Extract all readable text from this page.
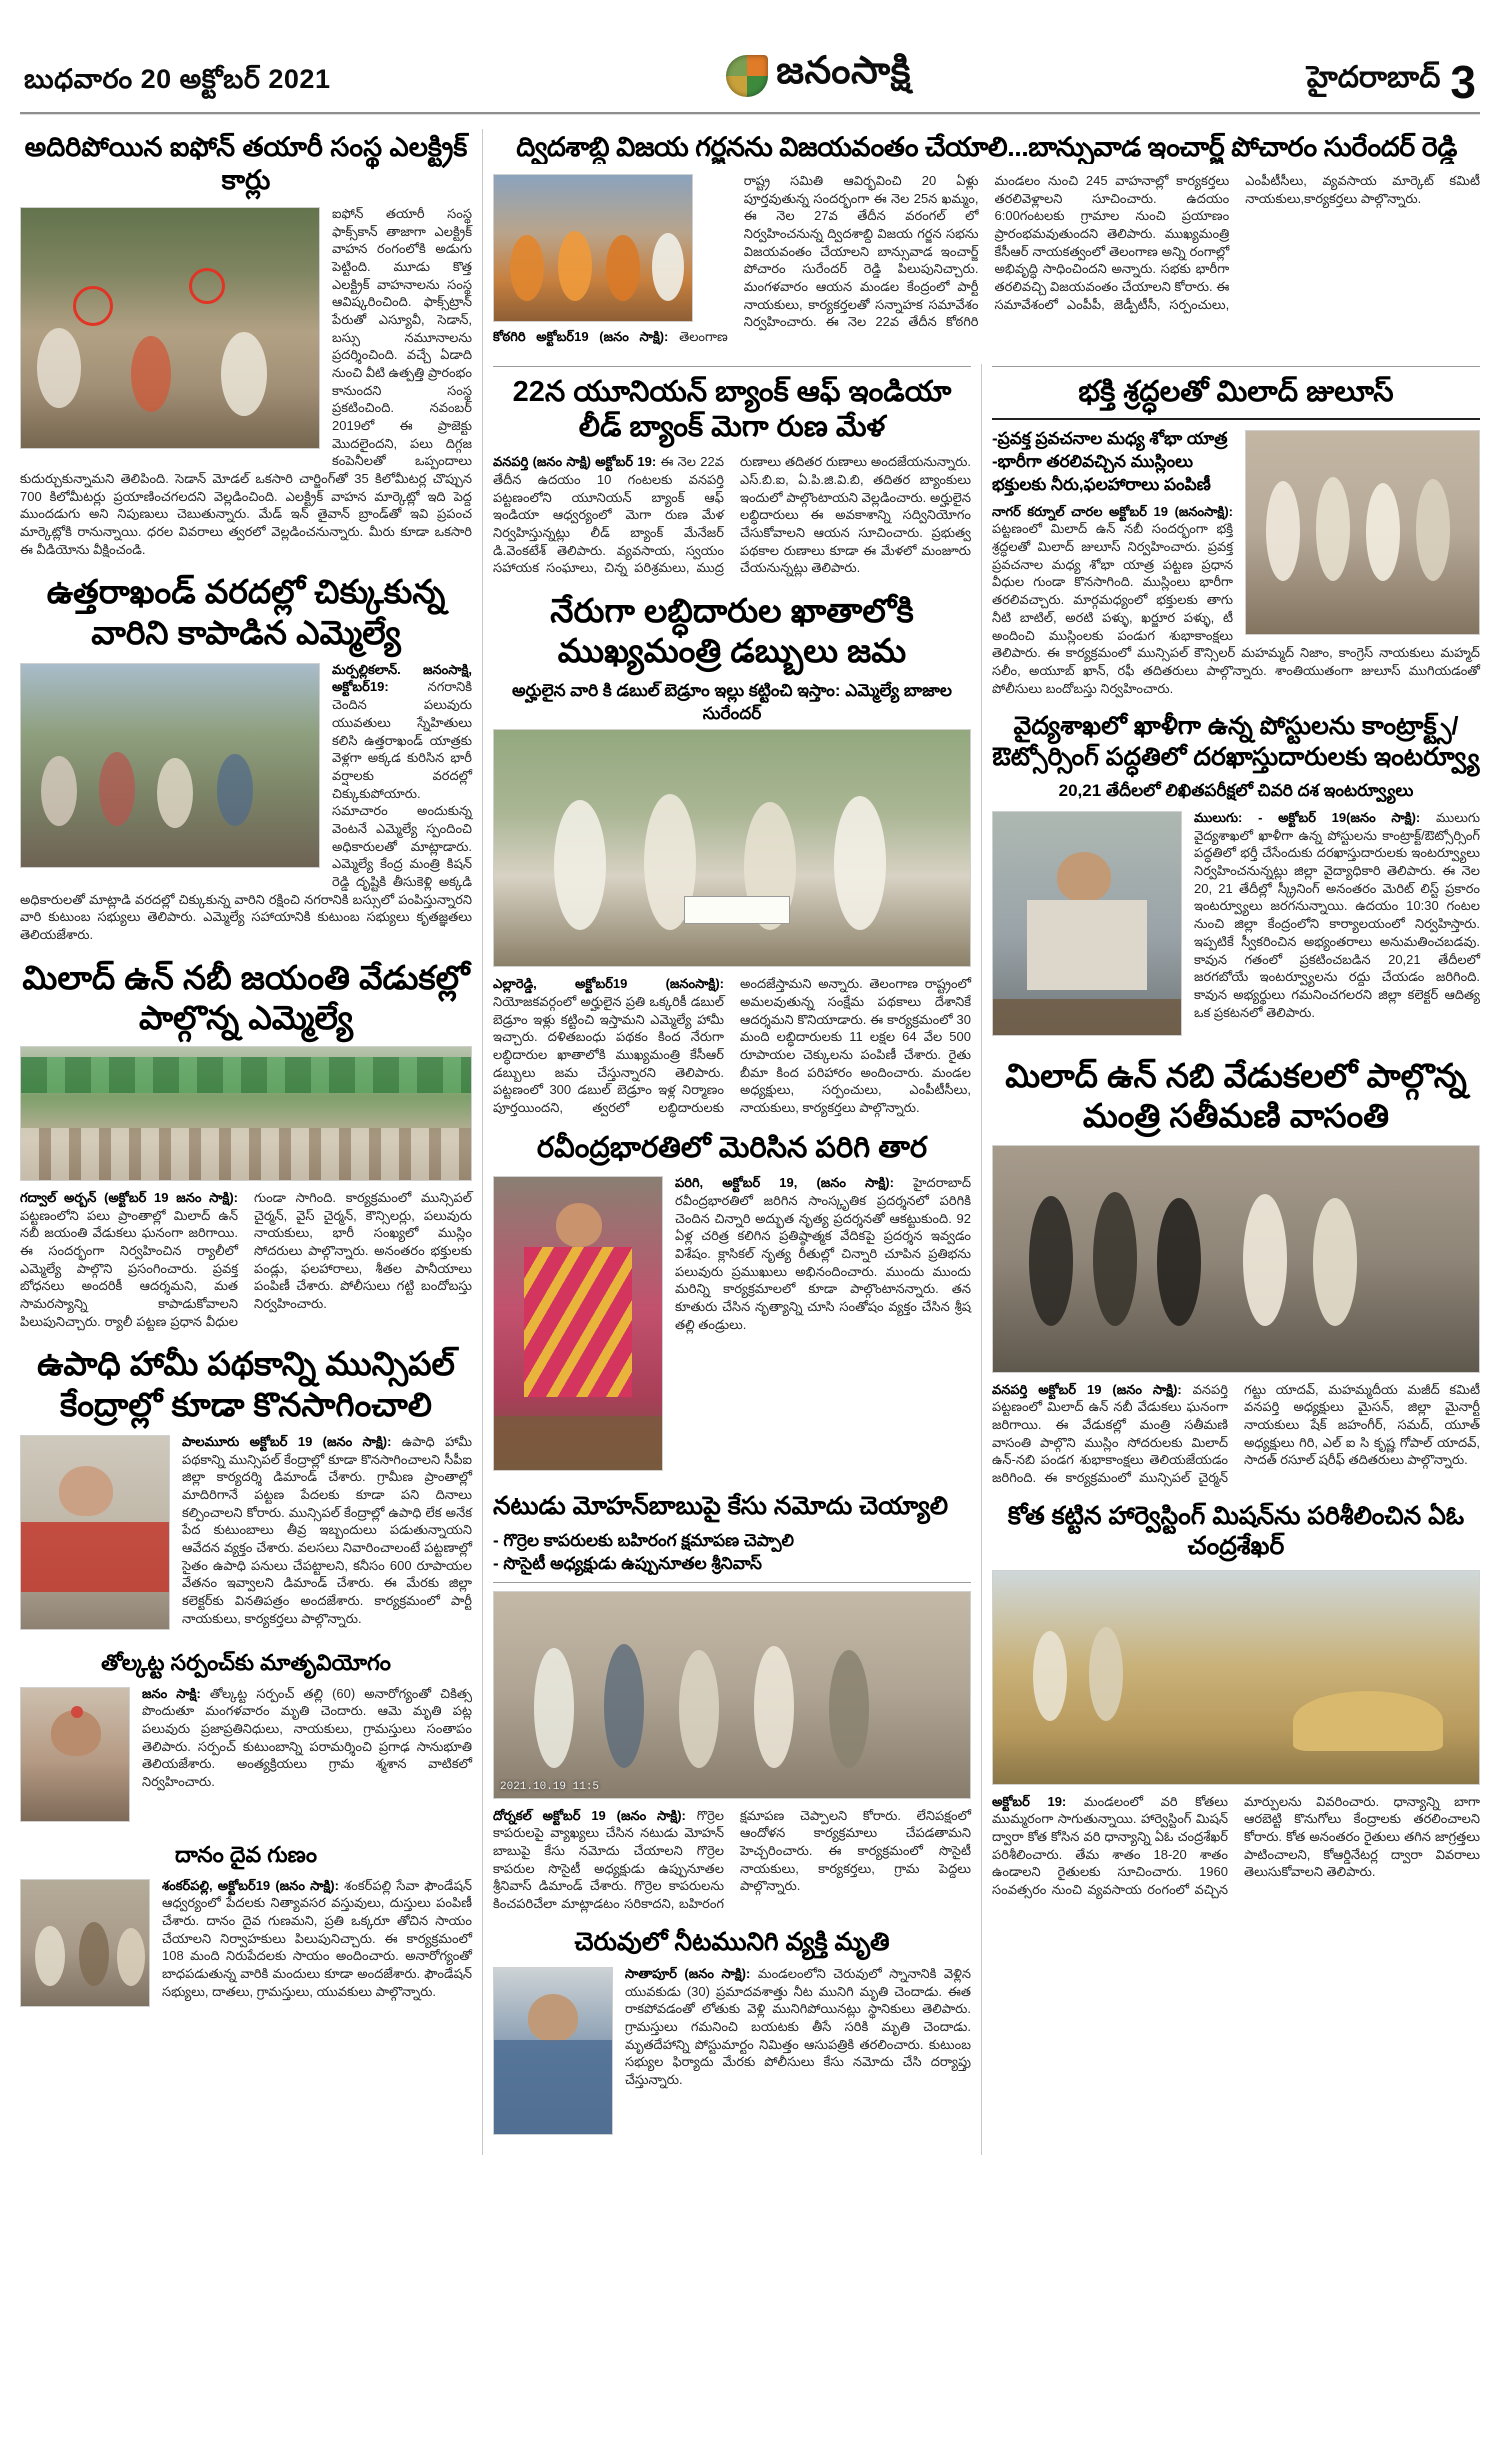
బుధవారం 20 అక్టోబర్ 2021	జనంసాక్షి	హైదరాబాద్ 3
అదిరిపోయిన ఐఫోన్ తయారీ సంస్థ ఎలక్ట్రిక్ కార్లు
ఐఫోన్ తయారీ సంస్థ ఫాక్స్‌కాన్ తాజాగా ఎలక్ట్రిక్ వాహన రంగంలోకి అడుగు పెట్టింది. మూడు కొత్త ఎలక్ట్రిక్ వాహనాలను సంస్థ ఆవిష్కరించింది. ఫాక్స్‌ట్రాన్ పేరుతో ఎస్యూవీ, సెడాన్, బస్సు నమూనాలను ప్రదర్శించింది. వచ్చే ఏడాది నుంచి వీటి ఉత్పత్తి ప్రారంభం కానుందని సంస్థ ప్రకటించింది. నవంబర్ 2019లో ఈ ప్రాజెక్టు మొదలైందని, పలు దిగ్గజ కంపెనీలతో ఒప్పందాలు కుదుర్చుకున్నామని తెలిపింది. సెడాన్ మోడల్ ఒకసారి చార్జింగ్‌తో 35 కిలోమీటర్ల చొప్పున 700 కిలోమీటర్లు ప్రయాణించగలదని వెల్లడించింది. ఎలక్ట్రిక్ వాహన మార్కెట్లో ఇది పెద్ద ముందడుగు అని నిపుణులు చెబుతున్నారు. మేడ్ ఇన్ తైవాన్ బ్రాండ్‌తో ఇవి ప్రపంచ మార్కెట్లోకి రానున్నాయి. ధరల వివరాలు త్వరలో వెల్లడించనున్నారు. మీరు కూడా ఒకసారి ఈ వీడియోను వీక్షించండి.
ఉత్తరాఖండ్ వరదల్లో చిక్కుకున్న వారిని కాపాడిన ఎమ్మెల్యే
మర్పల్లికలాన్. జనంసాక్షి, అక్టోబర్19:	నగరానికి చెందిన పలువురు యువతులు స్నేహితులు కలిసి ఉత్తరాఖండ్ యాత్రకు వెళ్లగా అక్కడ కురిసిన భారీ వర్షాలకు వరదల్లో చిక్కుకుపోయారు. సమాచారం అందుకున్న వెంటనే ఎమ్మెల్యే స్పందించి అధికారులతో మాట్లాడారు. ఎమ్మెల్యే కేంద్ర మంత్రి కిషన్ రెడ్డి దృష్టికి తీసుకెళ్లి అక్కడి అధికారులతో మాట్లాడి వరదల్లో చిక్కుకున్న వారిని రక్షించి నగరానికి బస్సులో పంపిస్తున్నారని వారి కుటుంబ సభ్యులు తెలిపారు. ఎమ్మెల్యే సహాయానికి కుటుంబ సభ్యులు కృతజ్ఞతలు తెలియజేశారు.
మిలాద్ ఉన్ నబీ జయంతి వేడుకల్లో పాల్గొన్న ఎమ్మెల్యే
గద్వాల్ అర్బన్ (అక్టోబర్ 19 జనం సాక్షి): పట్టణంలోని పలు ప్రాంతాల్లో మిలాద్ ఉన్ నబీ జయంతి వేడుకలు ఘనంగా జరిగాయి. ఈ సందర్భంగా నిర్వహించిన ర్యాలీలో ఎమ్మెల్యే పాల్గొని ప్రసంగించారు. ప్రవక్త బోధనలు అందరికీ ఆదర్శమని, మత సామరస్యాన్ని కాపాడుకోవాలని పిలుపునిచ్చారు. ర్యాలీ పట్టణ ప్రధాన వీధుల గుండా సాగింది. కార్యక్రమంలో మున్సిపల్ చైర్మన్, వైస్ చైర్మన్, కౌన్సిలర్లు, పలువురు నాయకులు, భారీ సంఖ్యలో ముస్లిం సోదరులు పాల్గొన్నారు. అనంతరం భక్తులకు పండ్లు, ఫలహారాలు, శీతల పానీయాలు పంపిణీ చేశారు. పోలీసులు గట్టి బందోబస్తు నిర్వహించారు.
ఉపాధి హామీ పథకాన్ని మున్సిపల్ కేంద్రాల్లో కూడా కొనసాగించాలి
పాలమూరు అక్టోబర్ 19 (జనం సాక్షి): ఉపాధి హామీ పథకాన్ని మున్సిపల్ కేంద్రాల్లో కూడా కొనసాగించాలని సీపీఐ జిల్లా కార్యదర్శి డిమాండ్ చేశారు. గ్రామీణ ప్రాంతాల్లో మాదిరిగానే పట్టణ పేదలకు కూడా పని దినాలు కల్పించాలని కోరారు. మున్సిపల్ కేంద్రాల్లో ఉపాధి లేక అనేక పేద కుటుంబాలు తీవ్ర ఇబ్బందులు పడుతున్నాయని ఆవేదన వ్యక్తం చేశారు. వలసలు నివారించాలంటే పట్టణాల్లో సైతం ఉపాధి పనులు చేపట్టాలని, కనీసం 600 రూపాయల వేతనం ఇవ్వాలని డిమాండ్ చేశారు. ఈ మేరకు జిల్లా కలెక్టర్‌కు వినతిపత్రం అందజేశారు. కార్యక్రమంలో పార్టీ నాయకులు, కార్యకర్తలు పాల్గొన్నారు.
తోల్కట్ట సర్పంచ్‌కు మాతృవియోగం
జనం సాక్షి: తోల్కట్ట సర్పంచ్ తల్లి (60) అనారోగ్యంతో చికిత్స పొందుతూ మంగళవారం మృతి చెందారు. ఆమె మృతి పట్ల పలువురు ప్రజాప్రతినిధులు, నాయకులు, గ్రామస్తులు సంతాపం తెలిపారు. సర్పంచ్ కుటుంబాన్ని పరామర్శించి ప్రగాఢ సానుభూతి తెలియజేశారు. అంత్యక్రియలు గ్రామ శ్మశాన వాటికలో నిర్వహించారు.
దానం దైవ గుణం
శంకర్‌పల్లి, అక్టోబర్19 (జనం సాక్షి): శంకర్‌పల్లి సేవా ఫౌండేషన్ ఆధ్వర్యంలో పేదలకు నిత్యావసర వస్తువులు, దుస్తులు పంపిణీ చేశారు. దానం దైవ గుణమని, ప్రతి ఒక్కరూ తోచిన సాయం చేయాలని నిర్వాహకులు పిలుపునిచ్చారు. ఈ కార్యక్రమంలో 108 మంది నిరుపేదలకు సాయం అందించారు. అనారోగ్యంతో బాధపడుతున్న వారికి మందులు కూడా అందజేశారు. ఫౌండేషన్ సభ్యులు, దాతలు, గ్రామస్తులు, యువకులు పాల్గొన్నారు.
ద్విదశాబ్ది విజయ గర్జనను విజయవంతం చేయాలి...బాన్సువాడ ఇంచార్జ్ పోచారం సురేందర్ రెడ్డి
కోఠగిరి అక్టోబర్19 (జనం సాక్షి): తెలంగాణ రాష్ట్ర సమితి ఆవిర్భవించి 20 ఏళ్లు పూర్తవుతున్న సందర్భంగా ఈ నెల 25న ఖమ్మం, ఈ నెల 27వ తేదీన వరంగల్ లో నిర్వహించనున్న ద్విదశాబ్ది విజయ గర్జన సభను విజయవంతం చేయాలని బాన్సువాడ ఇంచార్జ్ పోచారం సురేందర్ రెడ్డి పిలుపునిచ్చారు. మంగళవారం ఆయన మండల కేంద్రంలో పార్టీ నాయకులు, కార్యకర్తలతో సన్నాహక సమావేశం నిర్వహించారు. ఈ నెల 22వ తేదీన కోఠగిరి మండలం నుంచి 245 వాహనాల్లో కార్యకర్తలు తరలివెళ్లాలని సూచించారు. ఉదయం 6:00గంటలకు గ్రామాల నుంచి ప్రయాణం ప్రారంభమవుతుందని తెలిపారు. ముఖ్యమంత్రి కేసీఆర్ నాయకత్వంలో తెలంగాణ అన్ని రంగాల్లో అభివృద్ధి సాధించిందని అన్నారు. సభకు భారీగా తరలివచ్చి విజయవంతం చేయాలని కోరారు. ఈ సమావేశంలో ఎంపీపీ, జెడ్పీటీసీ, సర్పంచులు, ఎంపీటీసీలు, వ్యవసాయ మార్కెట్ కమిటీ నాయకులు,కార్యకర్తలు పాల్గొన్నారు.
22న యూనియన్ బ్యాంక్ ఆఫ్ ఇండియా లీడ్ బ్యాంక్ మెగా రుణ మేళ
వనపర్తి (జనం సాక్షి) అక్టోబర్ 19: ఈ నెల 22వ తేదీన ఉదయం 10 గంటలకు వనపర్తి పట్టణంలోని యూనియన్ బ్యాంక్ ఆఫ్ ఇండియా ఆధ్వర్యంలో మెగా రుణ మేళ నిర్వహిస్తున్నట్లు లీడ్ బ్యాంక్ మేనేజర్ డి.వెంకటేశ్ తెలిపారు. వ్యవసాయ, స్వయం సహాయక సంఘాలు, చిన్న పరిశ్రమలు, ముద్ర రుణాలు తదితర రుణాలు అందజేయనున్నారు. ఎస్.బి.ఐ, ఏ.పి.జి.వి.బి, తదితర బ్యాంకులు ఇందులో పాల్గొంటాయని వెల్లడించారు. అర్హులైన లబ్ధిదారులు ఈ అవకాశాన్ని సద్వినియోగం చేసుకోవాలని ఆయన సూచించారు. ప్రభుత్వ పథకాల రుణాలు కూడా ఈ మేళలో మంజూరు చేయనున్నట్లు తెలిపారు.
నేరుగా లబ్ధిదారుల ఖాతాలోకి ముఖ్యమంత్రి డబ్బులు జమ
అర్హులైన వారి కి డబుల్ బెడ్రూం ఇల్లు కట్టించి ఇస్తాం: ఎమ్మెల్యే బాజాల సురేందర్
ఎల్లారెడ్డి, అక్టోబర్19 (జనంసాక్షి): నియోజకవర్గంలో అర్హులైన ప్రతి ఒక్కరికీ డబుల్ బెడ్రూం ఇళ్లు కట్టించి ఇస్తామని ఎమ్మెల్యే హామీ ఇచ్చారు. దళితబంధు పథకం కింద నేరుగా లబ్ధిదారుల ఖాతాలోకి ముఖ్యమంత్రి కేసీఆర్ డబ్బులు జమ చేస్తున్నారని తెలిపారు. పట్టణంలో 300 డబుల్ బెడ్రూం ఇళ్ల నిర్మాణం పూర్తయిందని, త్వరలో లబ్ధిదారులకు అందజేస్తామని అన్నారు. తెలంగాణ రాష్ట్రంలో అమలవుతున్న సంక్షేమ పథకాలు దేశానికే ఆదర్శమని కొనియాడారు. ఈ కార్యక్రమంలో 30 మంది లబ్ధిదారులకు 11 లక్షల 64 వేల 500 రూపాయల చెక్కులను పంపిణీ చేశారు. రైతు బీమా కింద పరిహారం అందించారు. మండల అధ్యక్షులు, సర్పంచులు, ఎంపీటీసీలు, నాయకులు, కార్యకర్తలు పాల్గొన్నారు.
రవీంద్రభారతిలో మెరిసిన పరిగి తార
పరిగి, అక్టోబర్ 19, (జనం సాక్షి): హైదరాబాద్ రవీంద్రభారతిలో జరిగిన సాంస్కృతిక ప్రదర్శనలో పరిగికి చెందిన చిన్నారి అద్భుత నృత్య ప్రదర్శనతో ఆకట్టుకుంది. 92 ఏళ్ల చరిత్ర కలిగిన ప్రతిష్ఠాత్మక వేదికపై ప్రదర్శన ఇవ్వడం విశేషం. క్లాసికల్ నృత్య రీతుల్లో చిన్నారి చూపిన ప్రతిభను పలువురు ప్రముఖులు అభినందించారు. ముందు ముందు మరిన్ని కార్యక్రమాలలో కూడా పాల్గొంటానన్నారు. తన కూతురు చేసిన నృత్యాన్ని చూసి సంతోషం వ్యక్తం చేసిన శ్రీష తల్లి తండ్రులు.
నటుడు మోహన్‌బాబుపై కేసు నమోదు చెయ్యాలి
- గొర్రెల కాపరులకు బహిరంగ క్షమాపణ చెప్పాలి
- సొసైటీ అధ్యక్షుడు ఉప్పునూతల శ్రీనివాస్
2021.10.19 11:5
దోర్నకల్ అక్టోబర్ 19 (జనం సాక్షి): గొర్రెల కాపరులపై వ్యాఖ్యలు చేసిన నటుడు మోహన్ బాబుపై కేసు నమోదు చేయాలని గొర్రెల కాపరుల సొసైటీ అధ్యక్షుడు ఉప్పునూతల శ్రీనివాస్ డిమాండ్ చేశారు. గొర్రెల కాపరులను కించపరిచేలా మాట్లాడటం సరికాదని, బహిరంగ క్షమాపణ చెప్పాలని కోరారు. లేనిపక్షంలో ఆందోళన కార్యక్రమాలు చేపడతామని హెచ్చరించారు. ఈ కార్యక్రమంలో సొసైటీ నాయకులు, కార్యకర్తలు, గ్రామ పెద్దలు పాల్గొన్నారు.
చెరువులో నీటమునిగి వ్యక్తి మృతి
సాతాపూర్ (జనం సాక్షి): మండలంలోని చెరువులో స్నానానికి వెళ్లిన యువకుడు (30) ప్రమాదవశాత్తు నీట మునిగి మృతి చెందాడు. ఈత రాకపోవడంతో లోతుకు వెళ్లి మునిగిపోయినట్లు స్థానికులు తెలిపారు. గ్రామస్తులు గమనించి బయటకు తీసే సరికి మృతి చెందాడు. మృతదేహాన్ని పోస్టుమార్టం నిమిత్తం ఆసుపత్రికి తరలించారు. కుటుంబ సభ్యుల ఫిర్యాదు మేరకు పోలీసులు కేసు నమోదు చేసి దర్యాప్తు చేస్తున్నారు.
భక్తి శ్రద్ధలతో మిలాద్ జులూస్
-ప్రవక్త ప్రవచనాల మధ్య శోభా యాత్ర
-భారీగా తరలివచ్చిన ముస్లింలు
భక్తులకు నీరు,ఫలహారాలు పంపిణీ
నాగర్ కర్నూల్ చారల అక్టోబర్ 19 (జనంసాక్షి): పట్టణంలో మిలాద్ ఉన్ నబీ సందర్భంగా భక్తి శ్రద్ధలతో మిలాద్ జులూస్ నిర్వహించారు. ప్రవక్త ప్రవచనాల మధ్య శోభా యాత్ర పట్టణ ప్రధాన వీధుల గుండా కొనసాగింది. ముస్లింలు భారీగా తరలివచ్చారు. మార్గమధ్యంలో భక్తులకు తాగు నీటి బాటిల్, అరటి పళ్ళు, ఖర్జూర పళ్ళు, టీ అందించి ముస్లింలకు పండుగ శుభాకాంక్షలు తెలిపారు. ఈ కార్యక్రమంలో మున్సిపల్ కౌన్సిలర్ మహమ్మద్ నిజాం, కాంగ్రెస్ నాయకులు మహ్మద్ సలీం, అయూబ్ ఖాన్, రఫీ తదితరులు పాల్గొన్నారు. శాంతియుతంగా జులూస్ ముగియడంతో పోలీసులు బందోబస్తు నిర్వహించారు.
వైద్యశాఖలో ఖాళీగా ఉన్న పోస్టులను కాంట్రాక్ట్స్/ఔట్సోర్సింగ్ పద్ధతిలో దరఖాస్తుదారులకు ఇంటర్వ్యూ
20,21 తేదీలలో లిఖితపరీక్షలో చివరి దశ ఇంటర్వ్యూలు
ములుగు: - అక్టోబర్ 19(జనం సాక్షి): ములుగు వైద్యశాఖలో ఖాళీగా ఉన్న పోస్టులను కాంట్రాక్ట్/ఔట్సోర్సింగ్ పద్ధతిలో భర్తీ చేసేందుకు దరఖాస్తుదారులకు ఇంటర్వ్యూలు నిర్వహించనున్నట్లు జిల్లా వైద్యాధికారి తెలిపారు. ఈ నెల 20, 21 తేదీల్లో స్క్రీనింగ్ అనంతరం మెరిట్ లిస్ట్ ప్రకారం ఇంటర్వ్యూలు జరగనున్నాయి. ఉదయం 10:30 గంటల నుంచి జిల్లా కేంద్రంలోని కార్యాలయంలో నిర్వహిస్తారు. ఇప్పటికే స్వీకరించిన అభ్యంతరాలు అనుమతించబడవు. కావున గతంలో ప్రకటించబడిన 20,21 తేదీలలో జరగబోయే ఇంటర్వ్యూలను రద్దు చేయడం జరిగింది. కావున అభ్యర్థులు గమనించగలరని జిల్లా కలెక్టర్ ఆదిత్య ఒక ప్రకటనలో తెలిపారు.
మిలాద్ ఉన్ నబి వేడుకలలో పాల్గొన్న మంత్రి సతీమణి వాసంతి
వనపర్తి అక్టోబర్ 19 (జనం సాక్షి): వనపర్తి పట్టణంలో మిలాద్ ఉన్ నబీ వేడుకలు ఘనంగా జరిగాయి. ఈ వేడుకల్లో మంత్రి సతీమణి వాసంతి పాల్గొని ముస్లిం సోదరులకు మిలాద్ ఉన్-నబి పండగ శుభాకాంక్షలు తెలియజేయడం జరిగింది. ఈ కార్యక్రమంలో మున్సిపల్ చైర్మన్ గట్టు యాదవ్, మహమ్మదీయ మజీద్ కమిటీ వనపర్తి అధ్యక్షులు మైసన్, జిల్లా మైనార్టీ నాయకులు షేక్ జహంగీర్, సమద్, యూత్ అధ్యక్షులు గిరి, ఎల్ ఐ సి కృష్ణ గోపాల్ యాదవ్, సాదత్ రసూల్ షరీఫ్ తదితరులు పాల్గొన్నారు.
కోత కట్టిన హార్వెస్టింగ్ మిషన్‌ను పరిశీలించిన ఏఓ చంద్రశేఖర్
అక్టోబర్ 19: మండలంలో వరి కోతలు ముమ్మరంగా సాగుతున్నాయి. హార్వెస్టింగ్ మిషన్ ద్వారా కోత కోసిన వరి ధాన్యాన్ని ఏఓ చంద్రశేఖర్ పరిశీలించారు. తేమ శాతం 18-20 శాతం ఉండాలని రైతులకు సూచించారు. 1960 సంవత్సరం నుంచి వ్యవసాయ రంగంలో వచ్చిన మార్పులను వివరించారు. ధాన్యాన్ని బాగా ఆరబెట్టి కొనుగోలు కేంద్రాలకు తరలించాలని కోరారు. కోత అనంతరం రైతులు తగిన జాగ్రత్తలు పాటించాలని, కోఆర్డినేటర్ల ద్వారా వివరాలు తెలుసుకోవాలని తెలిపారు.
